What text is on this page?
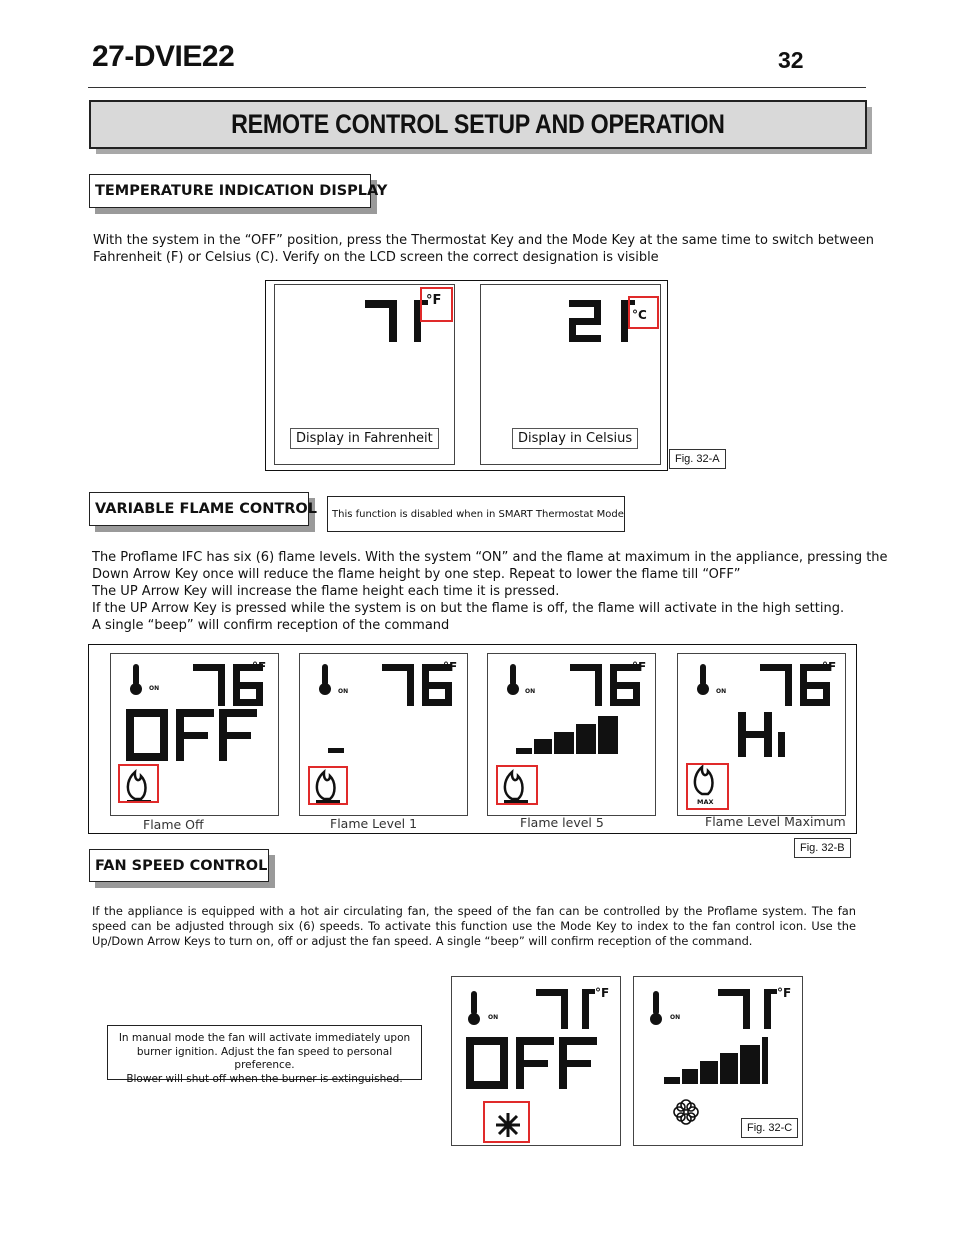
27-DVIE22	32
REMOTE CONTROL SETUP AND OPERATION
TEMPERATURE INDICATION DISPLAY
With the system in the “OFF” position, press the Thermostat Key and the Mode Key at the same time to switch between
Fahrenheit (F) or Celsius (C). Verify on the LCD screen the correct designation is visible
°F
Display in Fahrenheit
°C
Display in Celsius
Fig. 32-A
VARIABLE FLAME CONTROL	This function is disabled when in SMART Thermostat Mode
The Proflame IFC has six (6) flame levels. With the system “ON” and the flame at maximum in the appliance, pressing the
Down Arrow Key once will reduce the flame height by one step. Repeat to lower the flame till “OFF”
The UP Arrow Key will increase the flame height each time it is pressed.
If the UP Arrow Key is pressed while the system is on but the flame is off, the flame will activate in the high setting.
A single “beep” will confirm reception of the command
ON
°F
Flame Off
ON
°F
Flame Level 1
ON
°F
Flame level 5
ON
°F
MAX
Flame Level Maximum
Fig. 32-B
FAN SPEED CONTROL
If the appliance is equipped with a hot air circulating fan, the speed of the fan can be controlled by the Proflame system. The fan speed can be adjusted through six (6) speeds. To activate this function use the Mode Key to index to the fan control icon. Use the Up/Down Arrow Keys to turn on, off or adjust the fan speed. A single “beep” will confirm reception of the command.
In manual mode the fan will activate immediately upon
burner ignition. Adjust the fan speed to personal preference.
Blower will shut off when the burner is extinguished.
ON
°F
ON
°F
Fig. 32-C
